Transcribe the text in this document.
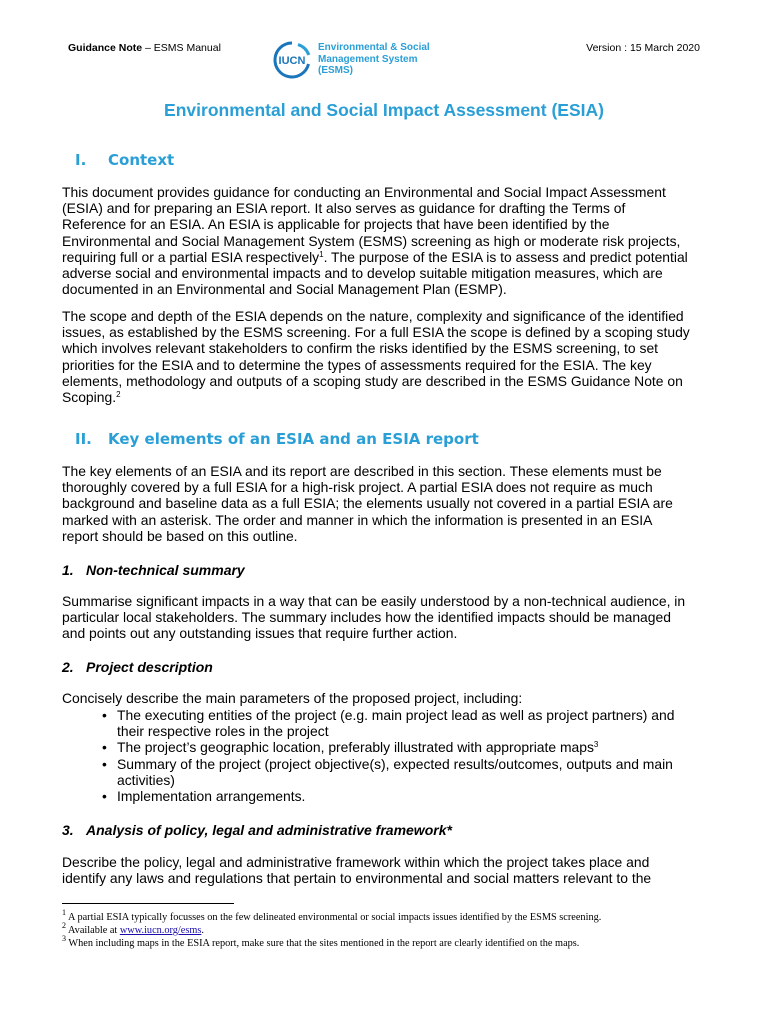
Guidance Note – ESMS Manual
IUCN
Environmental & Social
Management System
(ESMS)
Version : 15 March 2020
Environmental and Social Impact Assessment (ESIA)
I. Context

This document provides guidance for conducting an Environmental and Social Impact Assessment
(ESIA) and for preparing an ESIA report. It also serves as guidance for drafting the Terms of
Reference for an ESIA. An ESIA is applicable for projects that have been identified by the
Environmental and Social Management System (ESMS) screening as high or moderate risk projects,
requiring full or a partial ESIA respectively$^1$. The purpose of the ESIA is to assess and predict potential
adverse social and environmental impacts and to develop suitable mitigation measures, which are
documented in an Environmental and Social Management Plan (ESMP).

The scope and depth of the ESIA depends on the nature, complexity and significance of the identified
issues, as established by the ESMS screening. For a full ESIA the scope is defined by a scoping study
which involves relevant stakeholders to confirm the risks identified by the ESMS screening, to set
priorities for the ESIA and to determine the types of assessments required for the ESIA. The key
elements, methodology and outputs of a scoping study are described in the ESMS Guidance Note on
Scoping.$^2$

II. Key elements of an ESIA and an ESIA report

The key elements of an ESIA and its report are described in this section. These elements must be
thoroughly covered by a full ESIA for a high-risk project. A partial ESIA does not require as much
background and baseline data as a full ESIA; the elements usually not covered in a partial ESIA are
marked with an asterisk. The order and manner in which the information is presented in an ESIA
report should be based on this outline.

1. Non-technical summary

Summarise significant impacts in a way that can be easily understood by a non-technical audience, in
particular local stakeholders. The summary includes how the identified impacts should be managed
and points out any outstanding issues that require further action.

2. Project description

Concisely describe the main parameters of the proposed project, including:

• The executing entities of the project (e.g. main project lead as well as project partners) and
their respective roles in the project
• The project’s geographic location, preferably illustrated with appropriate maps$^3$
• Summary of the project (project objective(s), expected results/outcomes, outputs and main
activities)
• Implementation arrangements.
3. Analysis of policy, legal and administrative framework*

Describe the policy, legal and administrative framework within which the project takes place and
identify any laws and regulations that pertain to environmental and social matters relevant to the

$^1$ A partial ESIA typically focusses on the few delineated environmental or social impacts issues identified by the ESMS screening.

$^2$ Available at www.iucn.org/esms.

$^3$ When including maps in the ESIA report, make sure that the sites mentioned in the report are clearly identified on the maps.
